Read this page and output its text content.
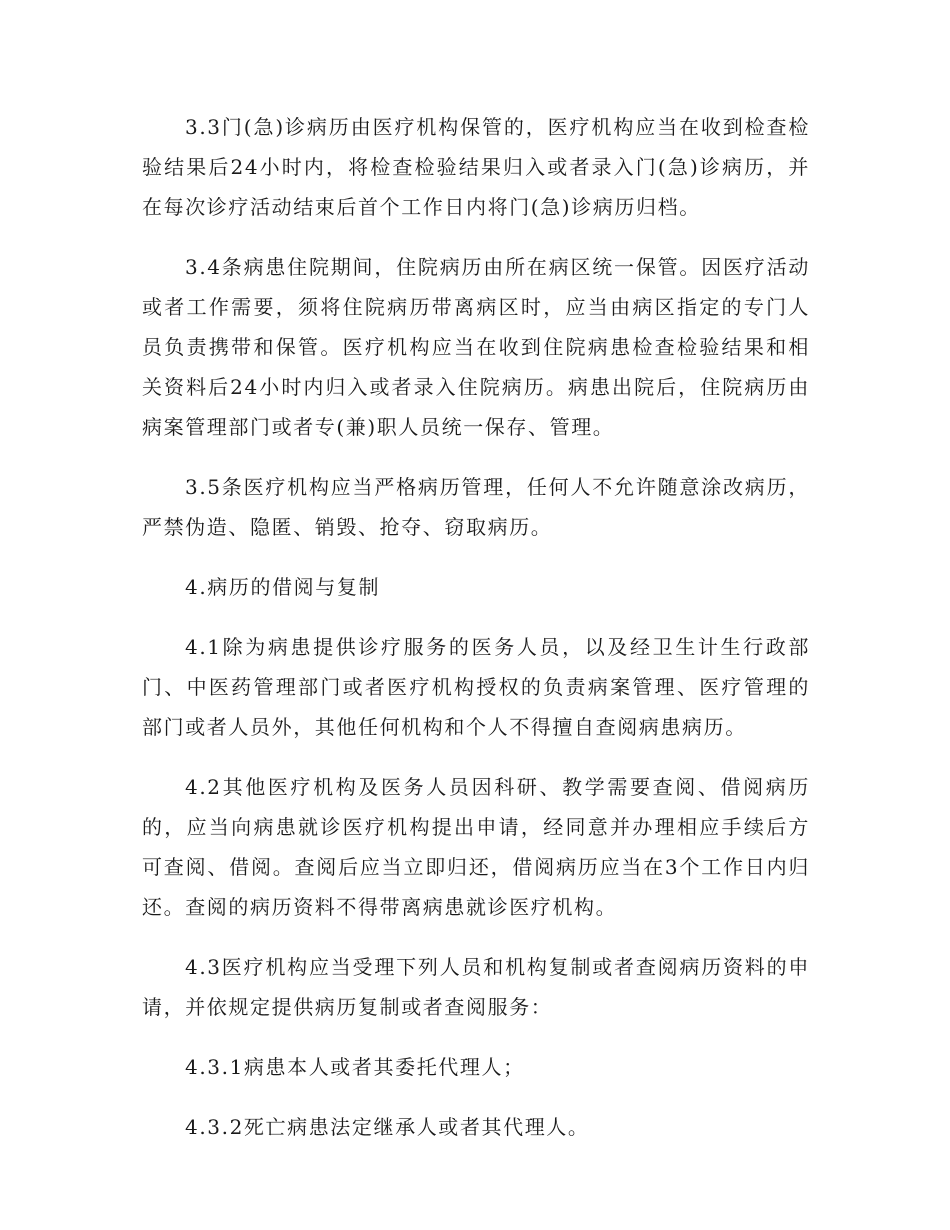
3.3门(急)诊病历由医疗机构保管的，医疗机构应当在收到检查检验结果后24小时内，将检查检验结果归入或者录入门(急)诊病历，并在每次诊疗活动结束后首个工作日内将门(急)诊病历归档。

3.4条病患住院期间，住院病历由所在病区统一保管。因医疗活动或者工作需要，须将住院病历带离病区时，应当由病区指定的专门人员负责携带和保管。医疗机构应当在收到住院病患检查检验结果和相关资料后24小时内归入或者录入住院病历。病患出院后，住院病历由病案管理部门或者专(兼)职人员统一保存、管理。

3.5条医疗机构应当严格病历管理，任何人不允许随意涂改病历，严禁伪造、隐匿、销毁、抢夺、窃取病历。

4.病历的借阅与复制

4.1除为病患提供诊疗服务的医务人员，以及经卫生计生行政部门、中医药管理部门或者医疗机构授权的负责病案管理、医疗管理的部门或者人员外，其他任何机构和个人不得擅自查阅病患病历。

4.2其他医疗机构及医务人员因科研、教学需要查阅、借阅病历的，应当向病患就诊医疗机构提出申请，经同意并办理相应手续后方可查阅、借阅。查阅后应当立即归还，借阅病历应当在3个工作日内归还。查阅的病历资料不得带离病患就诊医疗机构。

4.3医疗机构应当受理下列人员和机构复制或者查阅病历资料的申请，并依规定提供病历复制或者查阅服务：

4.3.1病患本人或者其委托代理人；

4.3.2死亡病患法定继承人或者其代理人。
